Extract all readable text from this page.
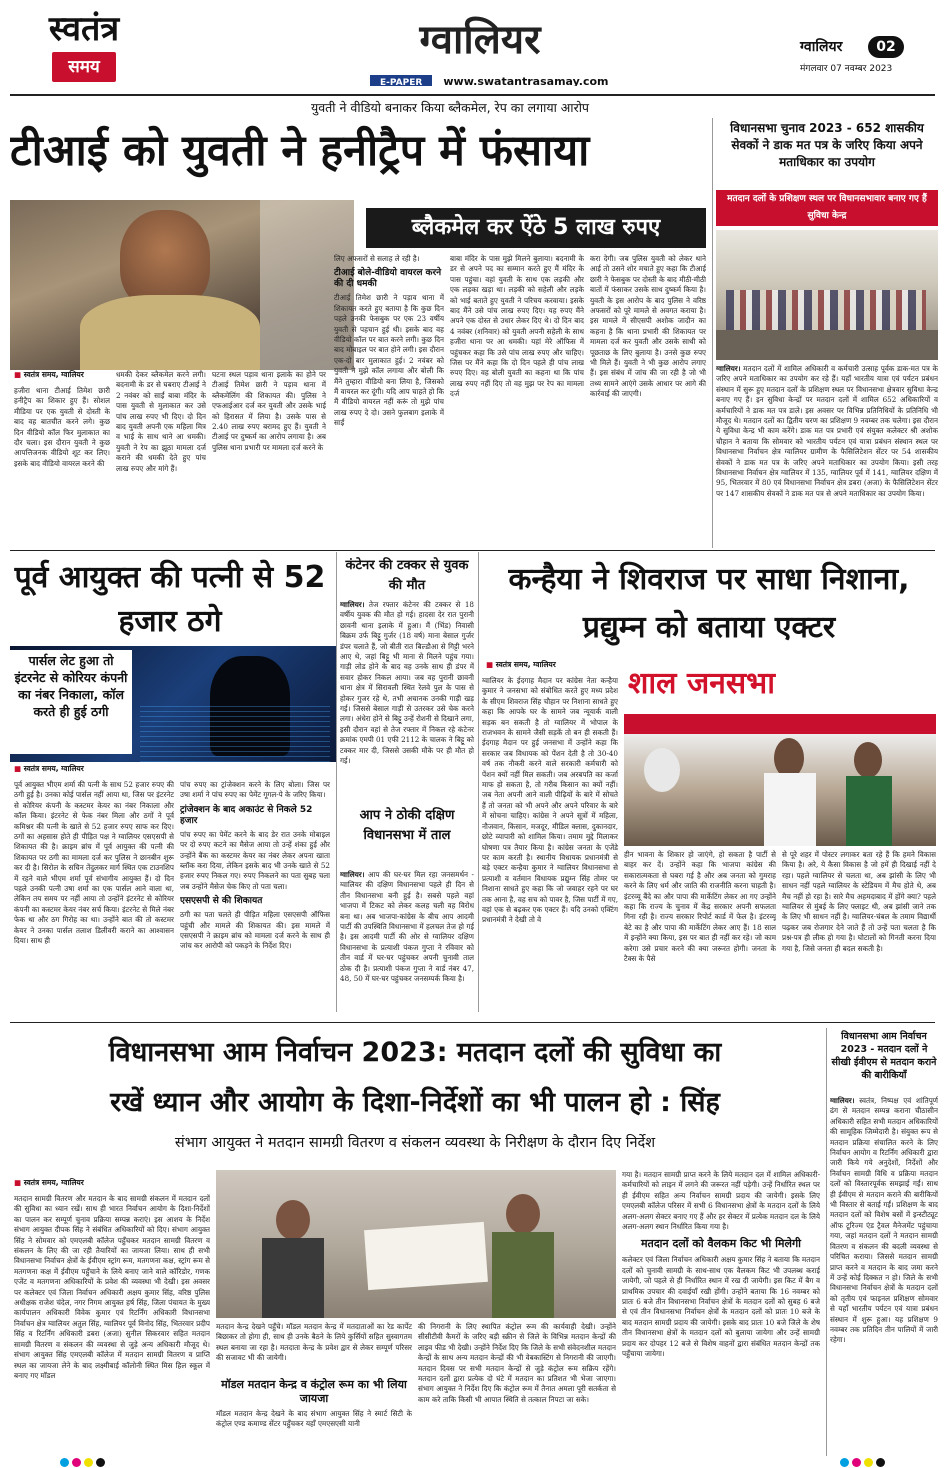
स्वतंत्र
समय
ग्वालियर
E-PAPER www.swatantrasamay.com
ग्वालियर	02
मंगलवार 07 नवम्बर 2023
युवती ने वीडियो बनाकर किया ब्लैकमेल, रेप का लगाया आरोप
टीआई को युवती ने हनीट्रैप में फंसाया
ब्लैकमेल कर ऐंठे 5 लाख रुपए
■ स्वतंत्र समय, ग्वालियर
हजीरा थाना टीआई तिमेश छारी हनीट्रैप का शिकार हुए हैं। सोशल मीडिया पर एक युवती से दोस्ती के बाद वह बातचीत करने लगे। कुछ दिन वीडियो कॉल फिर मुलाकात का दौर चला। इस दौरान युवती ने कुछ आपत्तिजनक वीडियो शूट कर लिए। इसके बाद वीडियो वायरल करने की
धमकी देकर ब्लैकमेल करने लगी। बदनामी के डर से घबराए टीआई ने 2 नवंबर को साईं बाबा मंदिर के पास युवती से मुलाकात कर उसे पांच लाख रुपए भी दिए। दो दिन बाद युवती अपनी एक महिला मित्र व भाई के साथ थाने आ धमकी। युवती ने रेप का झूठा मामला दर्ज कराने की धमकी देते हुए पांच लाख रुपए और मांगे हैं।
घटना स्थल पड़ाव थाना इलाके का होने पर टीआई तिमेश छारी ने पड़ाव थाना में ब्लैकमेलिंग की शिकायत की। पुलिस ने एफआईआर दर्ज कर युवती और उसके भाई को हिरासत में लिया है। उसके पास से 2.40 लाख रुपए बरामद हुए हैं। युवती ने टीआई पर दुष्कर्म का आरोप लगाया है। अब पुलिस थाना प्रभारी पर मामला दर्ज करने के
लिए अफसरों से सलाह ले रही है।
टीआई बोले-वीडियो वायरल करने की दी धमकी
टीआई तिमेश छारी ने पड़ाव थाना में शिकायत करते हुए बताया है कि कुछ दिन पहले उनकी फेसबुक पर एक 23 वर्षीय युवती से पहचान हुई थी। इसके बाद वह वीडियो कॉल पर बात करने लगी। कुछ दिन बाद मोबाइल पर बात होने लगी। इस दौरान एक-दो बार मुलाकात हुई। 2 नवंबर को युवती ने मुझे कॉल लगाया और बोली कि मैंने तुम्हारा वीडियो बना लिया है, जिसको मैं वायरल कर दूंगी। यदि आप चाहते हो कि मैं वीडियो वायरल नहीं करूं तो मुझे पांच लाख रुपए दे दो। उसने फुलबाग इलाके में साईं
बाबा मंदिर के पास मुझे मिलने बुलाया। बदनामी के डर से अपने पद का सम्मान करते हुए मैं मंदिर के पास पहुंचा। वहां युवती के साथ एक लड़की और एक लड़का खड़ा था। लड़की को सहेली और लड़के को भाई बताते हुए युवती ने परिचय करवाया। इसके बाद मैंने उसे पांच लाख रुपए दिए। यह रुपए मैंने अपने एक दोस्त से उधार लेकर दिए थे। दो दिन बाद 4 नवंबर (शनिवार) को युवती अपनी सहेली के साथ हजीरा थाना पर आ धमकी। यहां मेरे ऑफिस में पहुंचकर कहा कि उसे पांच लाख रुपए और चाहिए। जिस पर मैंने कहा कि दो दिन पहले ही पांच लाख रुपए दिए। वह बोली युवती का कहना था कि पांच लाख रुपए नहीं दिए तो वह मुझ पर रेप का मामला दर्ज
करा देगी। जब पुलिस युवती को लेकर थाने आई तो उसने शोर मचाते हुए कहा कि टीआई छारी ने फेसबुक पर दोस्ती के बाद मीठी-मीठी बातों में फंसाकर उसके साथ दुष्कर्म किया है। युवती के इस आरोप के बाद पुलिस ने वरिष्ठ अफसरों को पूरे मामले से अवगत कराया है। इस मामले में सीएसपी अशोक जादौन का कहना है कि थाना प्रभारी की शिकायत पर मामला दर्ज कर युवती और उसके साथी को पूछताछ के लिए बुलाया है। उनसे कुछ रुपए भी मिले हैं। युवती ने भी कुछ आरोप लगाए हैं। इस संबंध में जांच की जा रही है जो भी तथ्य सामने आएंगे उसके आधार पर आगे की कार्रवाई की जाएगी।
विधानसभा चुनाव 2023 - 652 शासकीय सेवकों ने डाक मत पत्र के जरिए किया अपने मताधिकार का उपयोग
मतदान दलों के प्रशिक्षण स्थल पर विधानसभावार बनाए गए हैं सुविधा केन्द्र
ग्वालियर। मतदान दलों में शामिल अधिकारी व कर्मचारी उत्साह पूर्वक डाक-मत पत्र के जरिए अपने मताधिकार का उपयोग कर रहे हैं। यहाँ भारतीय यात्रा एवं पर्यटन प्रबंधन संस्थान में सुरू हुए मतदान दलों के प्रशिक्षण स्थल पर विधानसभा क्षेत्रवार सुविधा केन्द्र बनाए गए हैं। इन सुविधा केन्द्रों पर मतदान दलों में शामिल 652 अधिकारियों व कर्मचारियों ने डाक मत पत्र डाले। इस अवसर पर विभिन्न प्रतिनिधियों के प्रतिनिधि भी मौजूद थे। मतदान दलों का द्वितीय चरण का प्रशिक्षण 9 नवम्बर तक चलेगा। इस दौरान ये सुविधा केन्द्र भी काम करेंगे। डाक मत पत्र प्रभारी एवं संयुक्त कलेक्टर श्री अशोक चौहान ने बताया कि सोमवार को भारतीय पर्यटन एवं यात्रा प्रबंधन संस्थान स्थल पर विधानसभा निर्वाचन क्षेत्र ग्वालियर ग्रामीण के फैसिलिटेशन सेंटर पर 54 शासकीय सेवकों ने डाक मत पत्र के जरिए अपने मताधिकार का उपयोग किया। इसी तरह विधानसभा निर्वाचन क्षेत्र ग्वालियर में 135, ग्वालियर पूर्व में 141, ग्वालियर दक्षिण में 95, भितरवार में 80 एवं विधानसभा निर्वाचन क्षेत्र डबरा (अजा) के फैसिलिटेशन सेंटर पर 147 शासकीय सेवकों ने डाक मत पत्र से अपने मताधिकार का उपयोग किया।
पूर्व आयुक्त की पत्नी से 52 हजार ठगे
पार्सल लेट हुआ तो इंटरनेट से कोरियर कंपनी का नंबर निकाला, कॉल करते ही हुई ठगी
■ स्वतंत्र समय, ग्वालियर
पूर्व आयुक्त भीएम शर्मा की पत्नी के साथ 52 हजार रुपए की ठगी हुई है। उनका कोई पार्सल नहीं आया था, जिस पर इंटरनेट से कोरियर कंपनी के कस्टमर केयर का नंबर निकाला और कॉल किया। इंटरनेट से फेक नंबर मिला और ठगों ने पूर्व कमिश्नर की पत्नी के खाते से 52 हजार रुपए साफ कर दिए। ठगों का अहसास होते ही पीड़ित पक्ष ने ग्वालियर एसएसपी से शिकायत की है। क्राइम ब्रांच में पूर्व आयुक्त की पत्नी की शिकायत पर ठगी का मामला दर्ज कर पुलिस ने छानबीन शुरू कर दी है। सिरोल के सचिन तेंदुलकर मार्ग स्थित एक टाउनशिप में रहने वाले भीएम शर्मा पूर्व संभागीय आयुक्त हैं। दो दिन पहले उनकी पत्नी उषा शर्मा का एक पार्सल आने वाला था, लेकिन तय समय पर नहीं आया तो उन्होंने इंटरनेट से कोरियर कंपनी का कस्टमर केयर नंबर सर्च किया। इंटरनेट से मिले नंबर फेक था और ठग गिरोह का था। उन्होंने बात की तो कस्टमर केयर ने उनका पार्सल तलाश डिलीवरी कराने का आश्वासन दिया। साथ ही
पांच रुपए का ट्रांजेक्शन करने के लिए बोला। जिस पर उषा शर्मा ने पांच रुपए का पेमेंट गूगल-पे के जरिए किया।
ट्रांजेक्शन के बाद अकाउंट से निकले 52 हजार
पांच रुपए का पेमेंट करने के बाद डेर रात उनके मोबाइल पर दो रुपए कटने का मैसेज आया तो उन्हें शंका हुई और उन्होंने बैंक का कस्टमर केयर का नंबर लेकर अपना खाता ब्लॉक करा दिया, लेकिन इसके बाद भी उनके खाते से 52 हजार रुपए निकल गए। रुपए निकलने का पता सुबह चला जब उन्होंने मैसेज चेक किए तो पता चला।
एसएसपी से की शिकायत
ठगी का पता चलते ही पीड़ित महिला एसएसपी ऑफिस पहुंची और मामले की शिकायत की। इस मामले में एसएसपी ने क्राइम ब्रांच को मामला दर्ज करने के साथ ही जांच कर आरोपी को पकड़ने के निर्देश दिए।
कंटेनर की टक्कर से युवक की मौत
ग्वालियर। तेज रफ्तार कंटेनर की टक्कर से 18 वर्षीय युवक की मौत हो गई। हादसा देर रात पुरानी छावनी थाना इलाके में हुआ। मैं (भिंड) निवासी बिक्रम उर्फ बिट्टू गुर्जर (18 वर्ष) माना बेसाल गुर्जर डंपर चलाते हैं, जो बीती रात बिल्डौआ से गिट्टी भरने आए थे, जहां बिट्टू भी माना से मिलने पहुंच गया। गाड़ी लोड होने के बाद वह उनके साथ ही डंपर में सवार होकर निकल आया। जब वह पुरानी छावनी थाना क्षेत्र में सिरावली स्थित रेलवे पुल के पास से होकर गुजर रहे थे, तभी अचानक उनकी गाड़ी खड़ गई। जिससे बेसाल गाड़ी से उतरकर उसे चेक करने लगा। अंधेरा होने से बिट्टू उन्हें रोशनी से दिखाने लगा, इसी दौरान वहां से तेज रफ्तार में निकल रहे कंटेनर क्रमांक एमपी 01 एफी 2112 के चालक ने बिट्टू को टक्कर मार दी, जिससे उसकी मौके पर ही मौत हो गई।
आप ने ठोकी दक्षिण विधानसभा में ताल
ग्वालियर। आप की घर-घर मिल रहा जनसमर्थन - ग्वालियर की दक्षिण विधानसभा पहले ही दिन से तीन विधानसभा बनी हुई है। सबसे पहले वहां भाजपा में टिकट को लेकर कलह चली वह विरोध बना था। अब भाजपा-कांग्रेस के बीच आप आदमी पार्टी की उपस्थिति विधानसभा में हलचल तेज हो गई है। इस आदमी पार्टी की ओर से ग्वालियर दक्षिण विधानसभा के प्रत्याशी पंकज गुप्ता ने रविवार को तीन वार्ड में घर-घर पहुंचकर अपनी चुनावी ताल ठोक दी है। प्रत्याशी पंकज गुप्ता ने वार्ड नंबर 47, 48, 50 में घर-घर पहुंचकर जनसम्पर्क किया है।
कन्हैया ने शिवराज पर साधा निशाना, प्रद्युम्न को बताया एक्टर
■ स्वतंत्र समय, ग्वालियर
ग्वालियर के ईदगाह मैदान पर कांग्रेस नेता कन्हैया कुमार ने जनसभा को संबोधित करते हुए मध्य प्रदेश के सीएम शिवराज सिंह चौहान पर निशाना साधते हुए कहा कि आपके घर के सामने जब न्यूयार्क वाली सड़क बन सकती है तो ग्वालियर में भोपाल के राजभवन के सामने जैसी सड़कें तो बन ही सकती हैं। ईदगाह मैदान पर हुई जनसभा में उन्होंने कहा कि सरकार जब विधायक को पेंशन देती है तो 30-40 वर्ष तक नौकरी करने वाले सरकारी कर्मचारी को पेंशन क्यों नहीं मिल सकती। जब अरबपति का कर्जा माफ हो सकता है, तो गरीब किसान का क्यों नहीं। जब नेता अपनी आने वाली पीढ़ियों के बारे में सोचते हैं तो जनता को भी अपने और अपने परिवार के बारे में सोचना चाहिए। कांग्रेस ने अपने सूत्रों में महिला, नौजवान, किसान, मजदूर, मीडिल क्लास, दुकानदार, छोटे व्यापारी को शामिल किया। तमाम मुद्दे मिलाकर घोषणा पत्र तैयार किया है। कांग्रेस जनता के एजेंडे पर काम करती है। स्थानीय विधायक प्रधानमंत्री से बड़े एक्टर कन्हैया कुमार ने ग्वालियर विधानसभा से प्रत्याशी व वर्तमान विधायक प्रद्युम्न सिंह तोमर पर निशाना साधते हुए कहा कि जो जवाहर रहने पर घर तक आना है, वह सच को पावर है, जिस पार्टी में गए, वहां एक से बढ़कर एक एक्टर हैं। यदि उनको एक्टिंग प्रधानमंत्री ने देखी तो वे
शाल जनसभा
हीन भावना के शिकार हो जाएंगे, हो सकता है पार्टी से बाहर कर दें। उन्होंने कहा कि भाजपा कांग्रेस की सकारात्मकता से घबरा गई है और अब जनता को गुमराह करने के लिए धर्म और जाति की राजनीति करना चाहती है। इंटरव्यू बैंदे का और पापा की मार्केटिंग लेकर आ गए उन्होंने कहा कि राज्य के चुनाव में केंद्र सरकार अपनी सफलता गिना रही है। राज्य सरकार रिपोर्ट कार्ड में फेल है। इंटरव्यू बेटे का है और पापा की मार्केटिंग लेकर आए हैं। 18 साल में इन्होंने क्या किया, इस पर बात ही नहीं कर रहे। जो काम करेगा उसे प्रचार करने की क्या जरूरत होगी। जनता के टैक्स के पैसे
से पूरे शहर में पोस्टर लगाकर बता रहे हैं कि हमने विकास किया है। अरे, ये कैसा विकास है जो हमें ही दिखाई नहीं दे रहा। पहले ग्वालियर से चलता था, अब झांसी के लिए भी साधन नहीं पहले ग्वालियर के स्टेडियम में मैच होते थे, अब मैच नहीं हो रहा है। सारे मैच अहमदाबाद में होंगे क्या? पहले ग्वालियर से मुंबई के लिए फ्लाइट थी, अब झांसी जाने तक के लिए भी साधन नहीं है। ग्वालियर-चंबल के तमाम विद्यार्थी पढ़कर जब रोजगार देने जाते हैं तो उन्हें पता चलता है कि प्रश्न-पत्र ही लीक हो गया है। घोटालों को गिनती करना दिया गया है, जिसे जनता ही बदल सकती है।
विधानसभा आम निर्वाचन 2023: मतदान दलों की सुविधा का
रखें ध्यान और आयोग के दिशा-निर्देशों का भी पालन हो : सिंह
संभाग आयुक्त ने मतदान सामग्री वितरण व संकलन व्यवस्था के निरीक्षण के दौरान दिए निर्देश
■ स्वतंत्र समय, ग्वालियर
मतदान सामग्री वितरण और मतदान के बाद सामग्री संकलन में मतदान दलों की सुविधा का ध्यान रखें। साथ ही भारत निर्वाचन आयोग के दिशा-निर्देशों का पालन कर सम्पूर्ण चुनाव प्रक्रिया सम्पन्न कराएं। इस आशय के निर्देश संभाग आयुक्त दीपक सिंह ने संबंधित अधिकारियों को दिए। संभाग आयुक्त सिंह ने सोमवार को एमएलबी कॉलेज पहुँचकर मतदान सामग्री वितरण व संकलन के लिए की जा रही तैयारियों का जायजा लिया। साथ ही सभी विधानसभा निर्वाचन क्षेत्रों के ईवीएम स्ट्रांग रूम, मतगणना कक्ष, स्ट्रांग रूम से मतगणना कक्ष में ईवीएम पहुँचाने के लिये बनाए जाने वाले कॉरिडोर, गणक एजेंट व मतगणना अधिकारियों के प्रवेश की व्यवस्था भी देखी। इस अवसर पर कलेक्टर एवं जिला निर्वाचन अधिकारी अक्षय कुमार सिंह, वरिष्ठ पुलिस अधीक्षक राजेश चंदेल, नगर निगम आयुक्त हर्ष सिंह, जिला पंचायत के मुख्य कार्यपालन अधिकारी विवेक कुमार एवं रिटर्निंग अधिकारी विधानसभा निर्वाचन क्षेत्र ग्वालियर अतुल सिंह, ग्वालियर पूर्व विनोद सिंह, भितरवार प्रदीप सिंह व रिटर्निंग अधिकारी डबरा (अजा) सुनील सिकरवार सहित मतदान सामग्री वितरण व संकलन की व्यवस्था से जुड़े अन्य अधिकारी मौजूद थे। संभाग आयुक्त सिंह एमएलबी कॉलेज में मतदान सामग्री वितरण व प्राप्ति स्थल का जायजा लेने के बाद लक्ष्मीबाई कॉलोनी स्थित मिस हिल स्कूल में बनाए गए मॉडल
मतदान केन्द्र देखने पहुँचे। मॉडल मतदान केन्द्र में मतदाताओं का रेड कार्पेट बिछाकर तो होगा ही, साथ ही उनके बैठने के लिये कुर्सियों सहित सुस्वागतम स्थल बनाया जा रहा है। मतदाता केन्द्र के प्रवेश द्वार से लेकर सम्पूर्ण परिसर की सजावट भी की जायेगी।
मॉडल मतदान केन्द्र व कंट्रोल रूम का भी लिया जायजा
मॉडल मतदान केन्द्र देखने के बाद संभाग आयुक्त सिंह ने स्मार्ट सिटी के कंट्रोल एण्ड कमाण्ड सेंटर पहुँचकर यहाँ एमएसएसी यानी
की निगरानी के लिए स्थापित कंट्रोल रूम की कार्यवाही देखी। उन्होंने सीसीटीवी कैमरों के जरिए बड़ी स्क्रीन से जिले के विभिन्न मतदान केन्द्रों की लाइव फीड भी देखी। उन्होंने निर्देश दिए कि जिले के सभी संवेदनशील मतदान केन्द्रों के साथ अन्य मतदान केन्द्रों की भी वेबकास्टिंग से निगरानी की जाएगी। मतदान दिवस पर सभी मतदान केन्द्रों से जुड़े कंट्रोल रूम सक्रिय रहेंगे। मतदान दलों द्वारा प्रत्येक दो घंटे में मतदान का प्रतिशत भी भेजा जाएगा। संभाग आयुक्त ने निर्देश दिए कि कंट्रोल रूम में तैनात अमला पूरी सतर्कता से काम करे ताकि किसी भी आपात स्थिति से तत्काल निपटा जा सके।
गया है। मतदान सामग्री प्राप्त करने के लिये मतदान दल में शामिल अधिकारी-कर्मचारियों को लाइन में लगने की जरूरत नहीं पड़ेगी। उन्हें निर्धारित स्थल पर ही ईवीएम सहित अन्य निर्वाचन सामग्री प्रदाय की जायेगी। इसके लिए एमएलबी कॉलेज परिसर में सभी 6 विधानसभा क्षेत्रों के मतदान दलों के लिये अलग-अलग सेक्टर बनाए गए हैं और हर सेक्टर में प्रत्येक मतदान दल के लिये अलग-अलग स्थान निर्धारित किया गया है।
मतदान दलों को वैलकम किट भी मिलेगी
कलेक्टर एवं जिला निर्वाचन अधिकारी अक्षय कुमार सिंह ने बताया कि मतदान दलों को चुनावी सामग्री के साथ-साथ एक वैलकम किट भी उपलब्ध कराई जायेगी, जो पहले से ही निर्धारित स्थान में रख दी जायेगी। इस किट में बैग व प्राथमिक उपचार की दवाईयाँ रखी होंगी। उन्होंने बताया कि 16 नवम्बर को प्रातः 6 बजे तीन विधानसभा निर्वाचन क्षेत्रों के मतदान दलों को सुबह 6 बजे से एवं तीन विधानसभा निर्वाचन क्षेत्रों के मतदान दलों को प्रातः 10 बजे के बाद मतदान सामग्री प्रदाय की जायेगी। इसके बाद प्रातः 10 बजे जिले के शेष तीन विधानसभा क्षेत्रों के मतदान दलों को बुलाया जायेगा और उन्हें सामग्री प्रदाय कर दोपहर 12 बजे से विशेष वाहनों द्वारा संबंधित मतदान केन्द्रों तक पहुँचाया जायेगा।
विधानसभा आम निर्वाचन 2023 - मतदान दलों ने सीखी ईवीएम से मतदान कराने की बारीकियाँ
ग्वालियर। स्वतंत्र, निष्पक्ष एवं शांतिपूर्ण ढंग से मतदान सम्पन्न कराना चीठासीन अधिकारी सहित सभी मतदान अधिकारियों की सामूहिक जिम्मेदारी है। संयुक्त रूप से मतदान प्रक्रिया संचालित करने के लिए निर्वाचन आयोग व रिटर्निंग अधिकारी द्वारा जारी किये गये अनुदेशों, निर्देशों और निर्वाचन सामग्री विधि व प्रक्रिया मतदान दलों को विस्तारपूर्वक समझाई गईं। साथ ही ईवीएम से मतदान कराने की बारीकियों भी विस्तार से बताई गईं। प्रशिक्षण के बाद मतदान दलों को विशेष बसों में इन्स्टीट्यूट ऑफ टूरिज्म एंड ट्रैवल मैनेजमेंट पहुंचाया गया, जहां मतदान दलों ने मतदान सामग्री वितरण व संकलन की बदली व्यवस्था से परिचित कराया। जिससे मतदान सामग्री प्राप्त करने व मतदान के बाद जमा करने में उन्हें कोई दिक्कत न हो। जिले के सभी विधानसभा निर्वाचन क्षेत्रों के मतदान दलों को तृतीय एवं फाइनल प्रशिक्षण सोमवार से यहाँ भारतीय पर्यटन एवं यात्रा प्रबंधन संस्थान में शुरू हुआ। यह प्रशिक्षण 9 नवम्बर तक प्रतिदिन तीन पालियों में जारी रहेगा।
